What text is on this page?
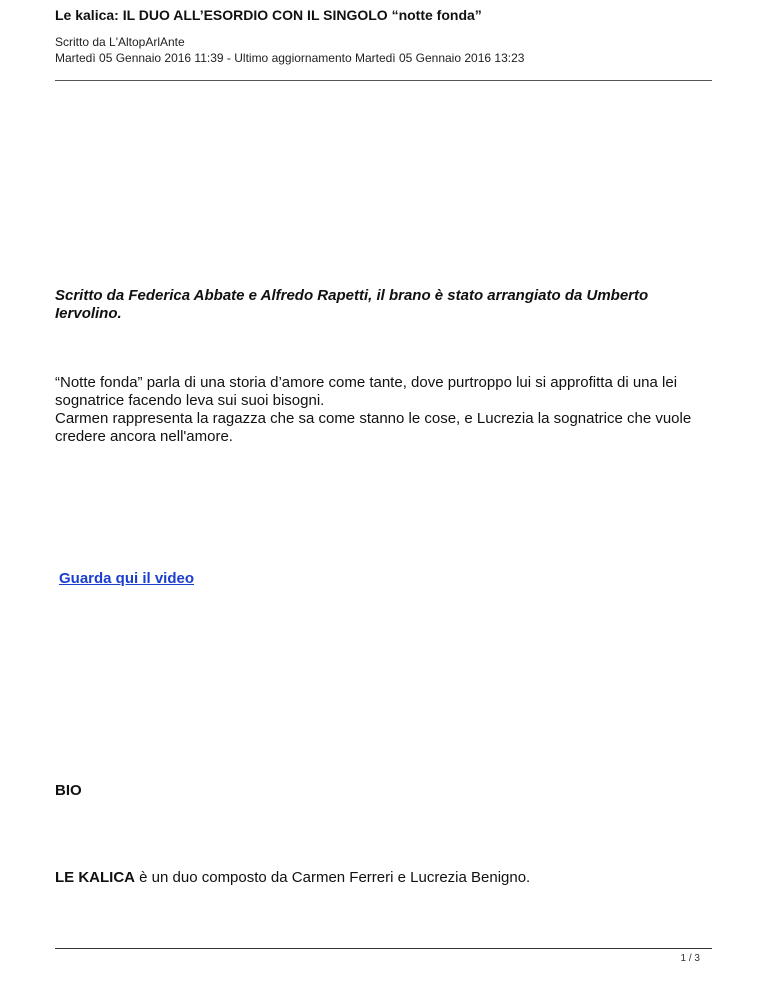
Le kalica: IL DUO ALL’ESORDIO CON IL SINGOLO “notte fonda”
Scritto da L'AltopArlAnte
Martedì 05 Gennaio 2016 11:39 - Ultimo aggiornamento Martedì 05 Gennaio 2016 13:23
Scritto da Federica Abbate e Alfredo Rapetti, il brano è stato arrangiato da Umberto Iervolino.

“Notte fonda” parla di una storia d’amore come tante, dove purtroppo lui si approfitta di una lei sognatrice facendo leva sui suoi bisogni.

Carmen rappresenta la ragazza che sa come stanno le cose, e Lucrezia la sognatrice che vuole credere ancora nell'amore.

Guarda qui il video
BIO
LE KALICA è un duo composto da Carmen Ferreri e Lucrezia Benigno.
1 / 3
